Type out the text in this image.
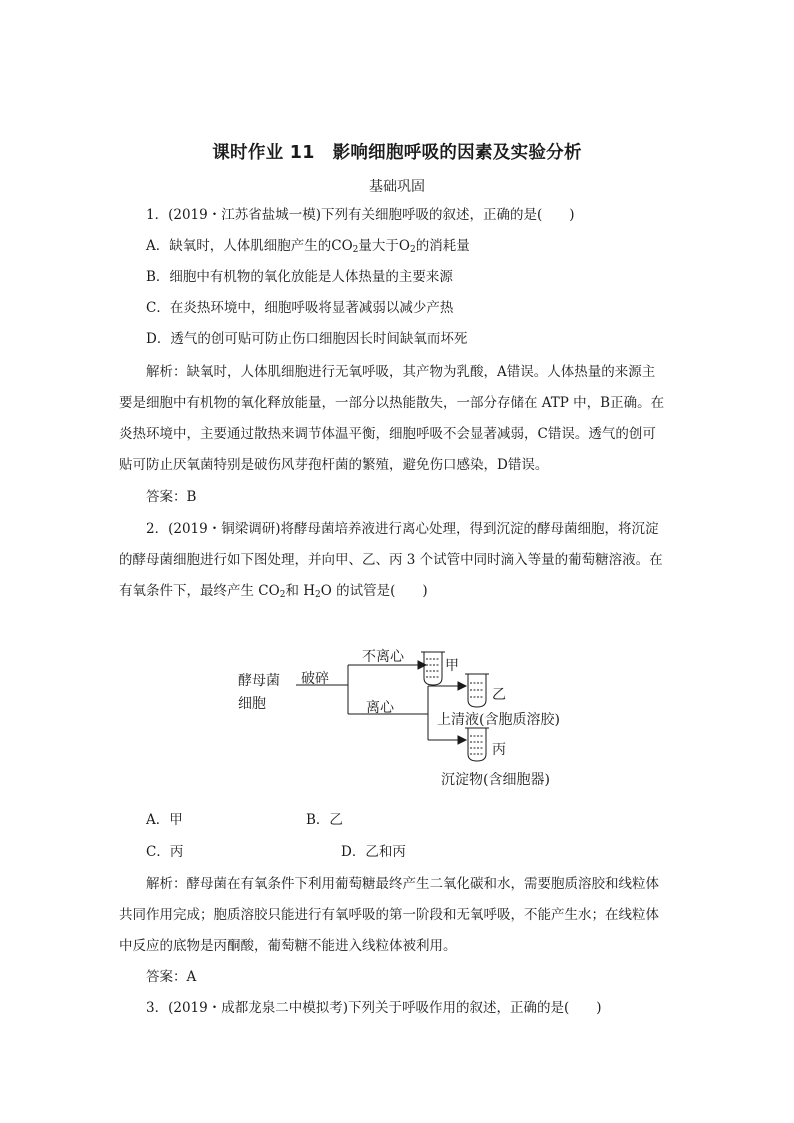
课时作业 11　影响细胞呼吸的因素及实验分析
基础巩固
1．(2019・江苏省盐城一模)下列有关细胞呼吸的叙述，正确的是(　　)
A．缺氧时，人体肌细胞产生的$CO_2$量大于$O_2$的消耗量
B．细胞中有机物的氧化放能是人体热量的主要来源
C．在炎热环境中，细胞呼吸将显著减弱以减少产热
D．透气的创可贴可防止伤口细胞因长时间缺氧而坏死
解析：缺氧时，人体肌细胞进行无氧呼吸，其产物为乳酸，A错误。人体热量的来源主
要是细胞中有机物的氧化释放能量，一部分以热能散失，一部分存储在 ATP 中，B正确。在
炎热环境中，主要通过散热来调节体温平衡，细胞呼吸不会显著减弱，C错误。透气的创可
贴可防止厌氧菌特别是破伤风芽孢杆菌的繁殖，避免伤口感染，D错误。
答案：B
2．(2019・铜梁调研)将酵母菌培养液进行离心处理，得到沉淀的酵母菌细胞，将沉淀
的酵母菌细胞进行如下图处理，并向甲、乙、丙 3 个试管中同时滴入等量的葡萄糖溶液。在
有氧条件下，最终产生 $CO_2$和 $H_2O$ 的试管是(　　)
酵母菌
细胞
破碎
不离心
离心
甲
乙
上清液(含胞质溶胶)
丙
沉淀物(含细胞器)
A．甲	B．乙
C．丙	D．乙和丙
解析：酵母菌在有氧条件下利用葡萄糖最终产生二氧化碳和水，需要胞质溶胶和线粒体
共同作用完成；胞质溶胶只能进行有氧呼吸的第一阶段和无氧呼吸，不能产生水；在线粒体
中反应的底物是丙酮酸，葡萄糖不能进入线粒体被利用。
答案：A
3．(2019・成都龙泉二中模拟考)下列关于呼吸作用的叙述，正确的是(　　)
